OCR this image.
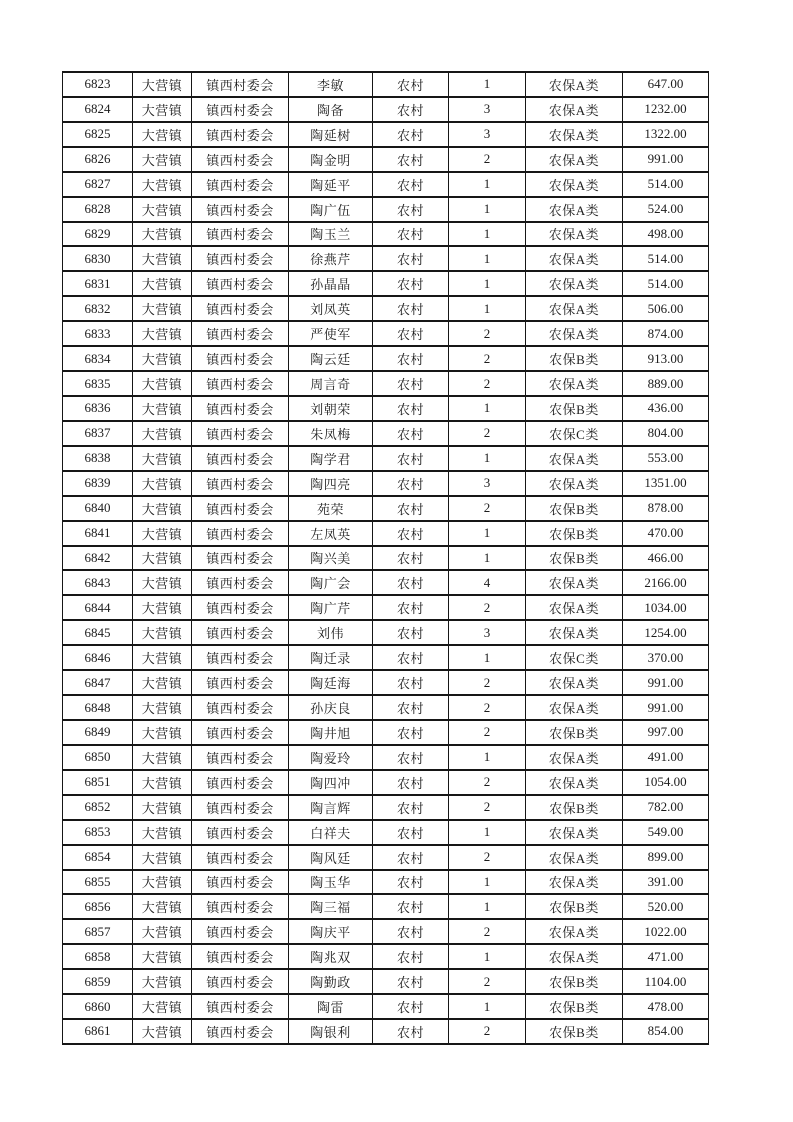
6823	大营镇	镇西村委会	李敏	农村	1	农保A类	647.00
6824	大营镇	镇西村委会	陶备	农村	3	农保A类	1232.00
6825	大营镇	镇西村委会	陶延树	农村	3	农保A类	1322.00
6826	大营镇	镇西村委会	陶金明	农村	2	农保A类	991.00
6827	大营镇	镇西村委会	陶延平	农村	1	农保A类	514.00
6828	大营镇	镇西村委会	陶广伍	农村	1	农保A类	524.00
6829	大营镇	镇西村委会	陶玉兰	农村	1	农保A类	498.00
6830	大营镇	镇西村委会	徐燕芹	农村	1	农保A类	514.00
6831	大营镇	镇西村委会	孙晶晶	农村	1	农保A类	514.00
6832	大营镇	镇西村委会	刘凤英	农村	1	农保A类	506.00
6833	大营镇	镇西村委会	严使军	农村	2	农保A类	874.00
6834	大营镇	镇西村委会	陶云廷	农村	2	农保B类	913.00
6835	大营镇	镇西村委会	周言奇	农村	2	农保A类	889.00
6836	大营镇	镇西村委会	刘朝荣	农村	1	农保B类	436.00
6837	大营镇	镇西村委会	朱凤梅	农村	2	农保C类	804.00
6838	大营镇	镇西村委会	陶学君	农村	1	农保A类	553.00
6839	大营镇	镇西村委会	陶四亮	农村	3	农保A类	1351.00
6840	大营镇	镇西村委会	苑荣	农村	2	农保B类	878.00
6841	大营镇	镇西村委会	左凤英	农村	1	农保B类	470.00
6842	大营镇	镇西村委会	陶兴美	农村	1	农保B类	466.00
6843	大营镇	镇西村委会	陶广会	农村	4	农保A类	2166.00
6844	大营镇	镇西村委会	陶广芹	农村	2	农保A类	1034.00
6845	大营镇	镇西村委会	刘伟	农村	3	农保A类	1254.00
6846	大营镇	镇西村委会	陶迁录	农村	1	农保C类	370.00
6847	大营镇	镇西村委会	陶廷海	农村	2	农保A类	991.00
6848	大营镇	镇西村委会	孙庆良	农村	2	农保A类	991.00
6849	大营镇	镇西村委会	陶井旭	农村	2	农保B类	997.00
6850	大营镇	镇西村委会	陶爱玲	农村	1	农保A类	491.00
6851	大营镇	镇西村委会	陶四冲	农村	2	农保A类	1054.00
6852	大营镇	镇西村委会	陶言辉	农村	2	农保B类	782.00
6853	大营镇	镇西村委会	白祥夫	农村	1	农保A类	549.00
6854	大营镇	镇西村委会	陶风廷	农村	2	农保A类	899.00
6855	大营镇	镇西村委会	陶玉华	农村	1	农保A类	391.00
6856	大营镇	镇西村委会	陶三福	农村	1	农保B类	520.00
6857	大营镇	镇西村委会	陶庆平	农村	2	农保A类	1022.00
6858	大营镇	镇西村委会	陶兆双	农村	1	农保A类	471.00
6859	大营镇	镇西村委会	陶勤政	农村	2	农保B类	1104.00
6860	大营镇	镇西村委会	陶雷	农村	1	农保B类	478.00
6861	大营镇	镇西村委会	陶银利	农村	2	农保B类	854.00
